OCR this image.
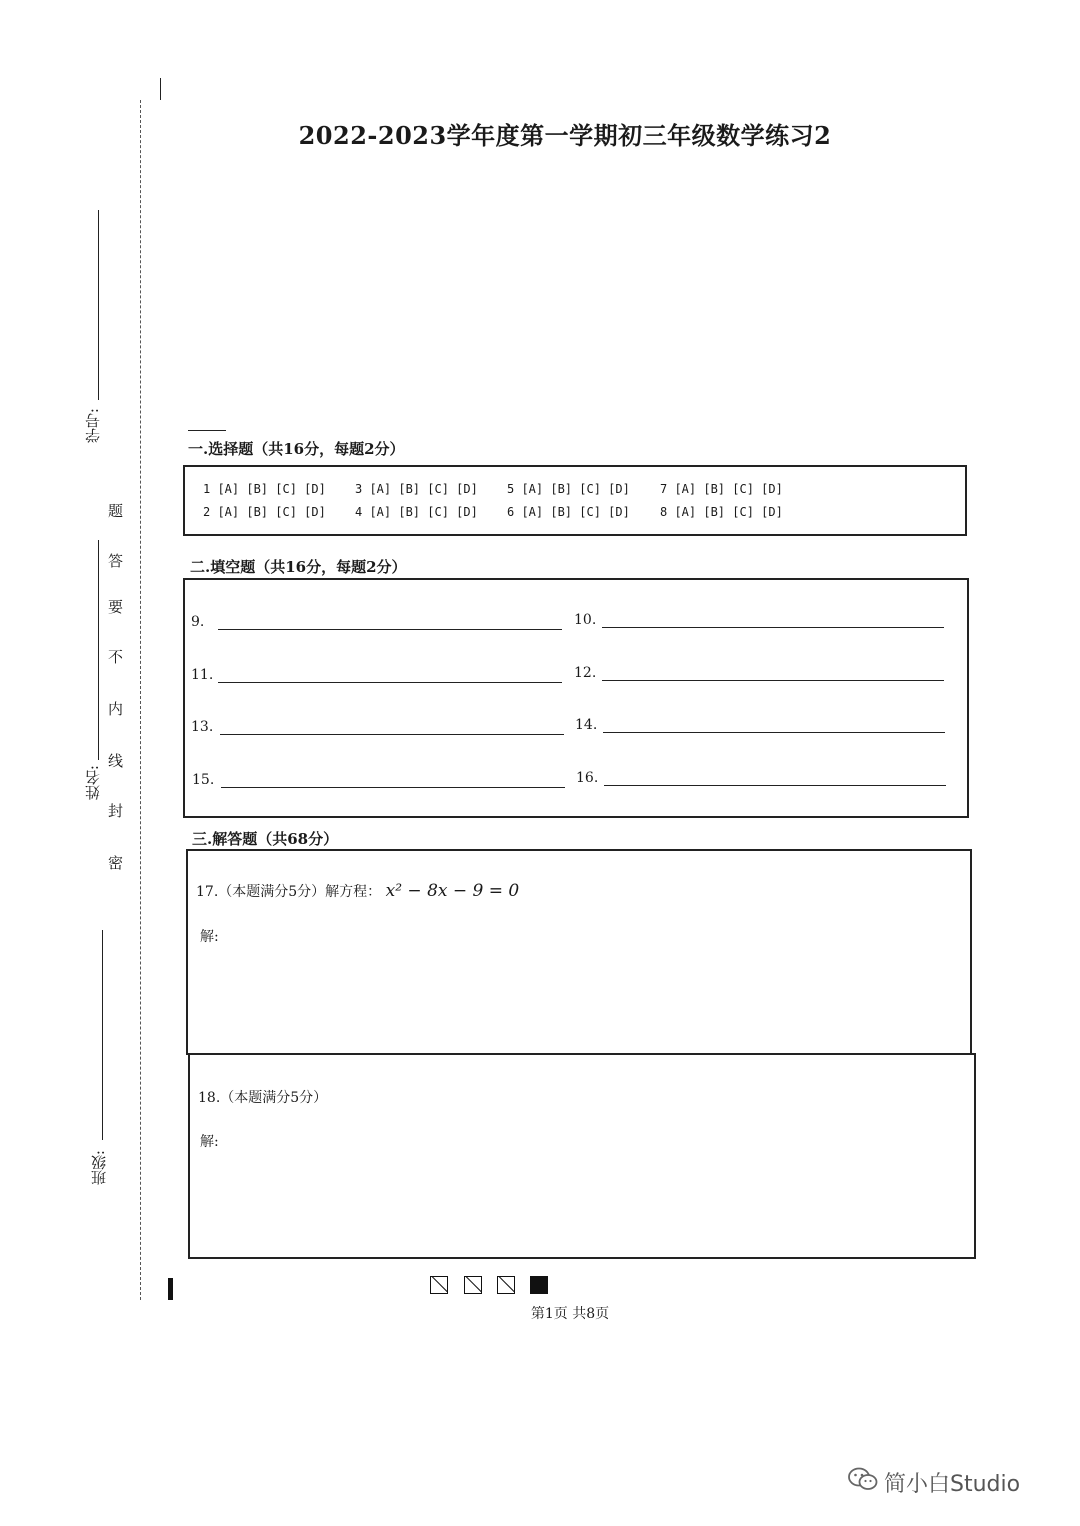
学号:
姓名:
班级:
题
答
要
不
内
线
封
密
2022-2023学年度第一学期初三年级数学练习2
一.选择题（共16分，每题2分）
1 [A] [B] [C] [D] 3 [A] [B] [C] [D] 5 [A] [B] [C] [D]	7 [A] [B] [C] [D]
2 [A] [B] [C] [D] 4 [A] [B] [C] [D] 6 [A] [B] [C] [D]	8 [A] [B] [C] [D]
二.填空题（共16分，每题2分）
9.	10.
11.	12.
13.	14.
15.	16.
三.解答题（共68分）
17.（本题满分5分）解方程： x² − 8x − 9 = 0
解:
18.（本题满分5分）
解:
第1页 共8页
简小白Studio
